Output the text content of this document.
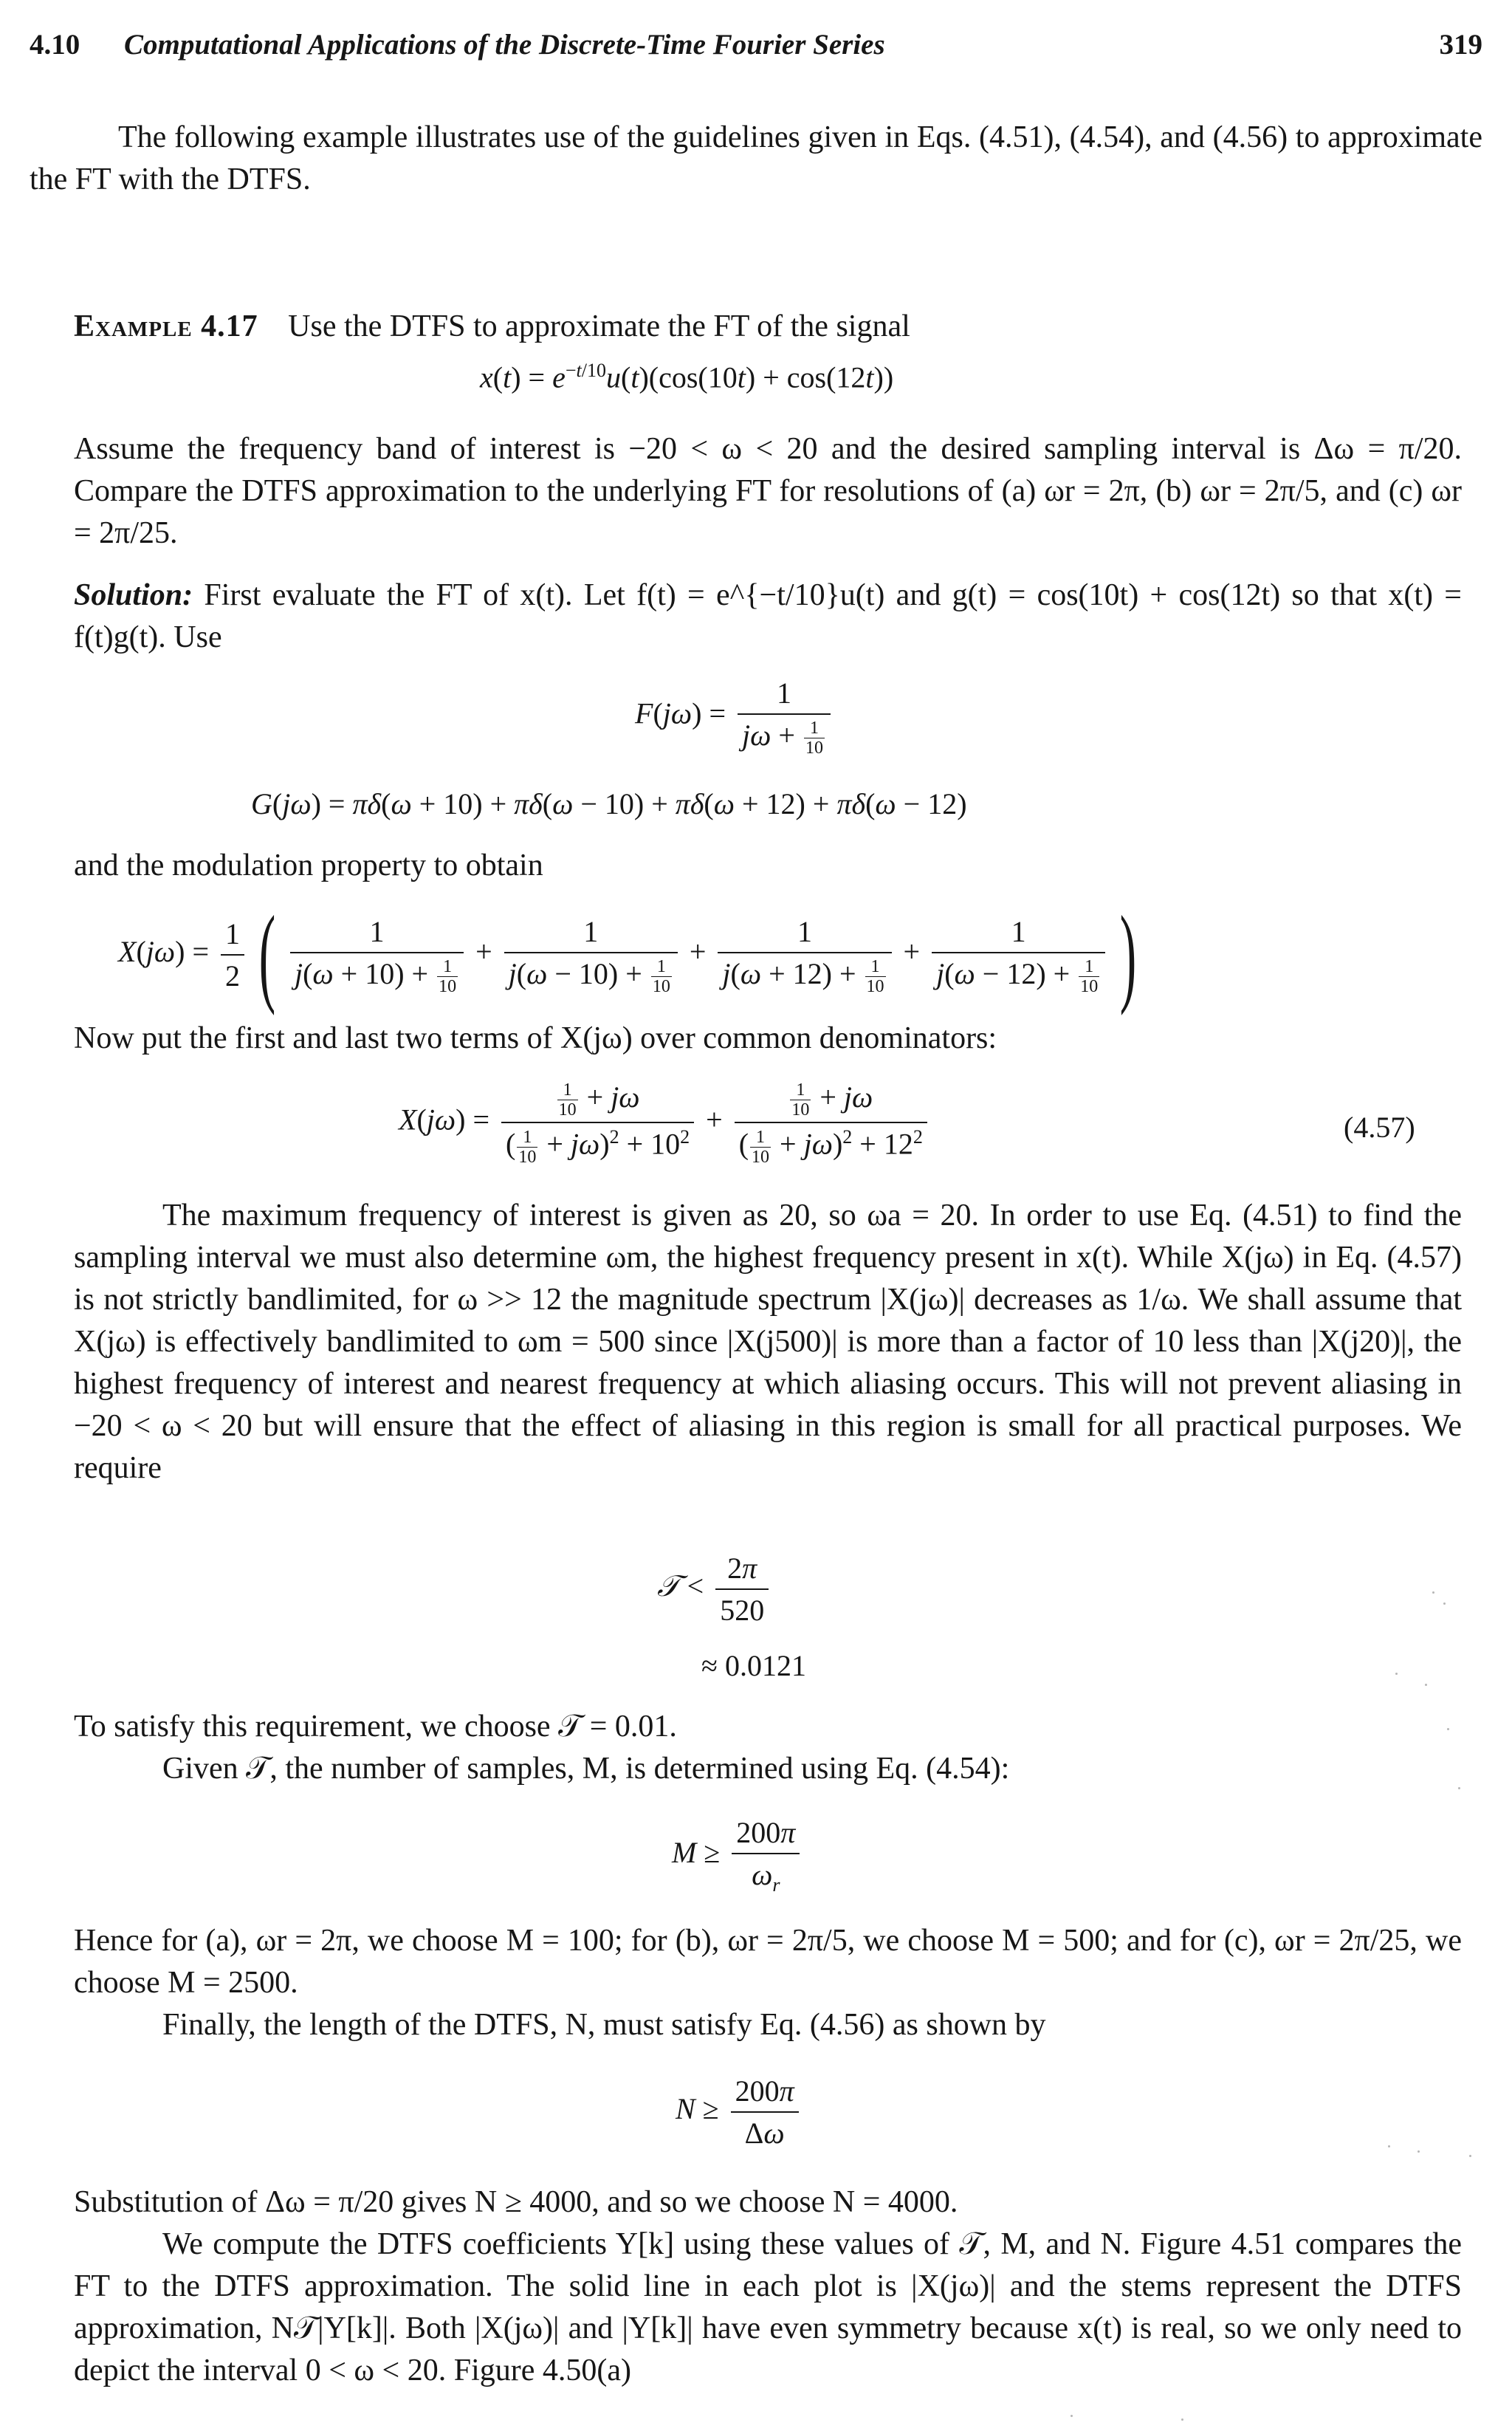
4.10 Computational Applications of the Discrete-Time Fourier Series	319

The following example illustrates use of the guidelines given in Eqs. (4.51), (4.54), and (4.56) to approximate the FT with the DTFS.

Example 4.17 Use the DTFS to approximate the FT of the signal
$x(t) = e^{-t/10}u(t)(\cos(10t) + \cos(12t))$

Assume the frequency band of interest is −20 < ω < 20 and the desired sampling interval is Δω = π/20. Compare the DTFS approximation to the underlying FT for resolutions of (a) ωr = 2π, (b) ωr = 2π/5, and (c) ωr = 2π/25.

Solution: First evaluate the FT of x(t). Let f(t) = e^{−t/10}u(t) and g(t) = cos(10t) + cos(12t) so that x(t) = f(t)g(t). Use
$F(j\omega) = \frac{1}{j\omega + \frac{1}{10}}$
G(jω) = πδ(ω + 10) + πδ(ω − 10) + πδ(ω + 12) + πδ(ω − 12)

and the modulation property to obtain

$X(j\omega) = \frac{1}{2}$ ( $\frac{1}{j(\omega + 10) + \frac{1}{10}} + \frac{1}{j(\omega - 10) + \frac{1}{10}} + \frac{1}{j(\omega + 12) + \frac{1}{10}} + \frac{1}{j(\omega - 12) + \frac{1}{10}}$ )

Now put the first and last two terms of X(jω) over common denominators:

$X(j\omega) = \frac{\frac{1}{10} + j\omega}{( \frac{1}{10} + j\omega)^2 + 10^2} + \frac{\frac{1}{10} + j\omega}{( \frac{1}{10} + j\omega)^2 + 12^2}$	(4.57)

The maximum frequency of interest is given as 20, so ωa = 20. In order to use Eq. (4.51) to find the sampling interval we must also determine ωm, the highest frequency present in x(t). While X(jω) in Eq. (4.57) is not strictly bandlimited, for ω >> 12 the magnitude spectrum |X(jω)| decreases as 1/ω. We shall assume that X(jω) is effectively bandlimited to ωm = 500 since |X(j500)| is more than a factor of 10 less than |X(j20)|, the highest frequency of interest and nearest frequency at which aliasing occurs. This will not prevent aliasing in −20 < ω < 20 but will ensure that the effect of aliasing in this region is small for all practical purposes. We require

𝒯 < $\frac{2\pi}{520}$
≈ 0.0121

To satisfy this requirement, we choose 𝒯 = 0.01.

Given 𝒯, the number of samples, M, is determined using Eq. (4.54):

$M \ge \frac{200\pi}{\omega_r}$

Hence for (a), ωr = 2π, we choose M = 100; for (b), ωr = 2π/5, we choose M = 500; and for (c), ωr = 2π/25, we choose M = 2500.

Finally, the length of the DTFS, N, must satisfy Eq. (4.56) as shown by

$N \ge \frac{200\pi}{\Delta\omega}$

Substitution of Δω = π/20 gives N ≥ 4000, and so we choose N = 4000.

We compute the DTFS coefficients Y[k] using these values of 𝒯, M, and N. Figure 4.51 compares the FT to the DTFS approximation. The solid line in each plot is |X(jω)| and the stems represent the DTFS approximation, N𝒯|Y[k]|. Both |X(jω)| and |Y[k]| have even symmetry because x(t) is real, so we only need to depict the interval 0 < ω < 20. Figure 4.50(a)
